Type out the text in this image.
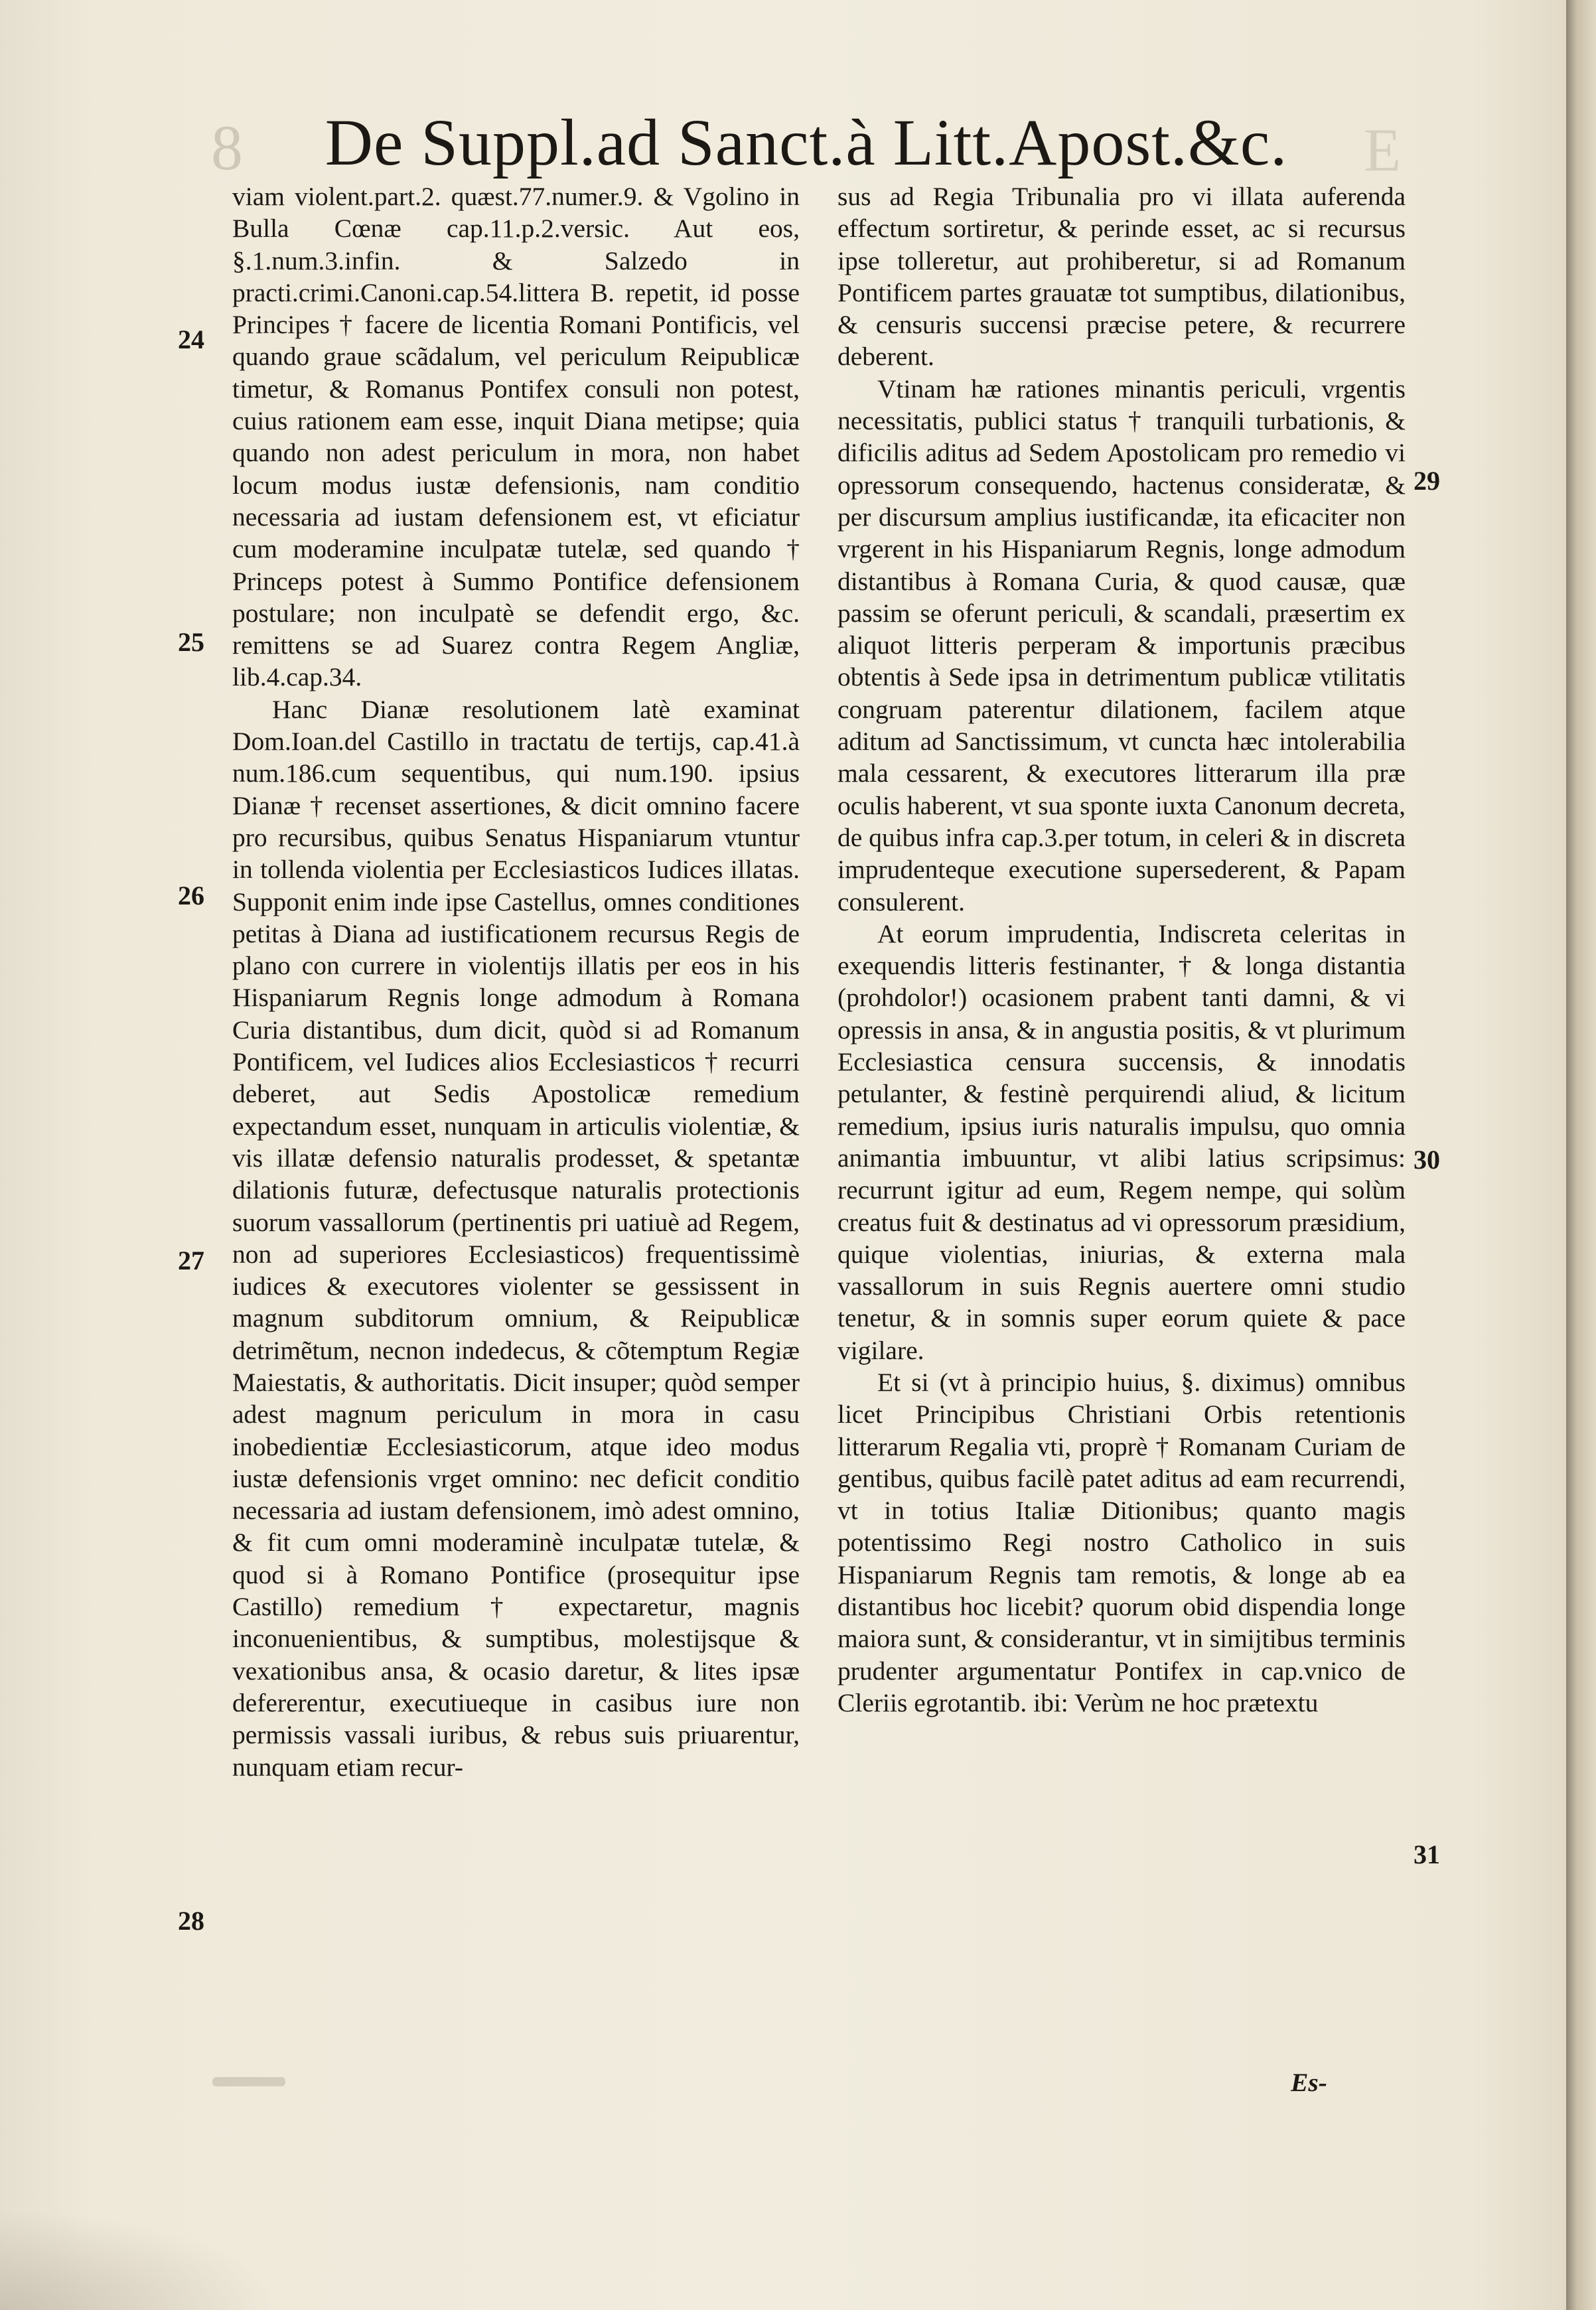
8	De Suppl.ad Sanct.à Litt.Apost.&c.	E

viam violent.part.2. quæst.77.numer.9. & Vgolino in Bulla Cœnæ cap.11.p.2.versic. Aut eos, §.1.num.3.infin. & Salzedo in practi.crimi.Canoni.cap.54.littera B. repetit, id posse Principes † facere de licentia Romani Pontificis, vel quando graue scãdalum, vel periculum Reipublicæ timetur, & Romanus Pontifex consuli non potest, cuius rationem eam esse, inquit Diana metipse; quia quando non adest periculum in mora, non habet locum modus iustæ defensionis, nam conditio necessaria ad iustam defensionem est, vt eficiatur cum moderamine inculpatæ tutelæ, sed quando † Princeps potest à Summo Pontifice defensionem postulare; non inculpatè se defendit ergo, &c. remittens se ad Suarez contra Regem Angliæ, lib.4.cap.34.

Hanc Dianæ resolutionem latè examinat Dom.Ioan.del Castillo in tractatu de tertijs, cap.41.à num.186.cum sequentibus, qui num.190. ipsius Dianæ † recenset assertiones, & dicit omnino facere pro recursibus, quibus Senatus Hispaniarum vtuntur in tollenda violentia per Ecclesiasticos Iudices illatas. Supponit enim inde ipse Castellus, omnes conditiones petitas à Diana ad iustificationem recursus Regis de plano con currere in violentijs illatis per eos in his Hispaniarum Regnis longe admodum à Romana Curia distantibus, dum dicit, quòd si ad Romanum Pontificem, vel Iudices alios Ecclesiasticos † recurri deberet, aut Sedis Apostolicæ remedium expectandum esset, nunquam in articulis violentiæ, & vis illatæ defensio naturalis prodesset, & spetantæ dilationis futuræ, defectusque naturalis protectionis suorum vassallorum (pertinentis pri uatiuè ad Regem, non ad superiores Ecclesiasticos) frequentissimè iudices & executores violenter se gessissent in magnum subditorum omnium, & Reipublicæ detrimẽtum, necnon indedecus, & cõtemptum Regiæ Maiestatis, & authoritatis. Dicit insuper; quòd semper adest magnum periculum in mora in casu inobedientiæ Ecclesiasticorum, atque ideo modus iustæ defensionis vrget omnino: nec deficit conditio necessaria ad iustam defensionem, imò adest omnino, & fit cum omni moderaminè inculpatæ tutelæ, & quod si à Romano Pontifice (prosequitur ipse Castillo) remedium † expectaretur, magnis inconuenientibus, & sumptibus, molestijsque & vexationibus ansa, & ocasio daretur, & lites ipsæ defererentur, executiueque in casibus iure non permissis vassali iuribus, & rebus suis priuarentur, nunquam etiam recur-

sus ad Regia Tribunalia pro vi illata auferenda effectum sortiretur, & perinde esset, ac si recursus ipse tolleretur, aut prohiberetur, si ad Romanum Pontificem partes grauatæ tot sumptibus, dilationibus, & censuris succensi præcise petere, & recurrere deberent.

Vtinam hæ rationes minantis periculi, vrgentis necessitatis, publici status † tranquili turbationis, & dificilis aditus ad Sedem Apostolicam pro remedio vi opressorum consequendo, hactenus consideratæ, & per discursum amplius iustificandæ, ita eficaciter non vrgerent in his Hispaniarum Regnis, longe admodum distantibus à Romana Curia, & quod causæ, quæ passim se oferunt periculi, & scandali, præsertim ex aliquot litteris perperam & importunis præcibus obtentis à Sede ipsa in detrimentum publicæ vtilitatis congruam paterentur dilationem, facilem atque aditum ad Sanctissimum, vt cuncta hæc intolerabilia mala cessarent, & executores litterarum illa præ oculis haberent, vt sua sponte iuxta Canonum decreta, de quibus infra cap.3.per totum, in celeri & in discreta imprudenteque executione supersederent, & Papam consulerent.

At eorum imprudentia, Indiscreta celeritas in exequendis litteris festinanter, † & longa distantia (prohdolor!) ocasionem prabent tanti damni, & vi opressis in ansa, & in angustia positis, & vt plurimum Ecclesiastica censura succensis, & innodatis petulanter, & festinè perquirendi aliud, & licitum remedium, ipsius iuris naturalis impulsu, quo omnia animantia imbuuntur, vt alibi latius scripsimus: recurrunt igitur ad eum, Regem nempe, qui solùm creatus fuit & destinatus ad vi opressorum præsidium, quique violentias, iniurias, & externa mala vassallorum in suis Regnis auertere omni studio tenetur, & in somnis super eorum quiete & pace vigilare.

Et si (vt à principio huius, §. diximus) omnibus licet Principibus Christiani Orbis retentionis litterarum Regalia vti, proprè † Romanam Curiam de gentibus, quibus facilè patet aditus ad eam recurrendi, vt in totius Italiæ Ditionibus; quanto magis potentissimo Regi nostro Catholico in suis Hispaniarum Regnis tam remotis, & longe ab ea distantibus hoc licebit? quorum obid dispendia longe maiora sunt, & considerantur, vt in simijtibus terminis prudenter argumentatur Pontifex in cap.vnico de Cleriis egrotantib. ibi: Verùm ne hoc prætextu

24
25
26
27
28
29
30
31
Es-
